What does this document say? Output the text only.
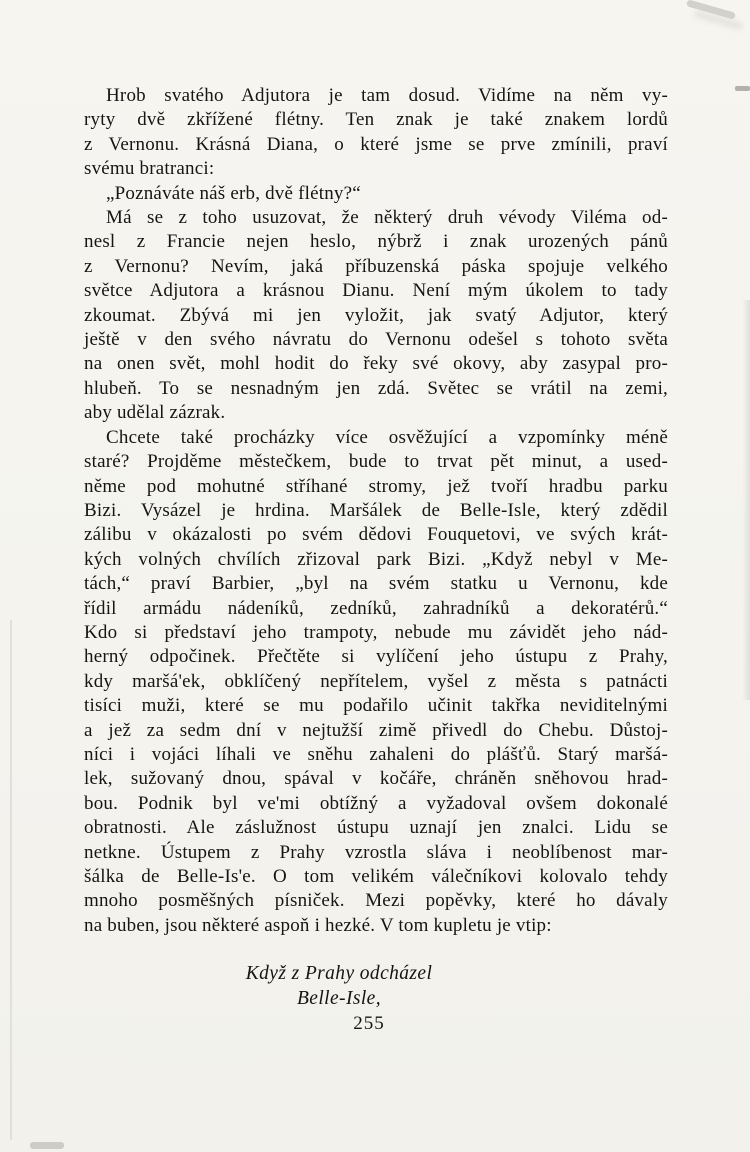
Hrob svatého Adjutora je tam dosud. Vidíme na něm vy-
ryty dvě zkřížené flétny. Ten znak je také znakem lordů
z Vernonu. Krásná Diana, o které jsme se prve zmínili, praví
svému bratranci:
„Poznáváte náš erb, dvě flétny?“
Má se z toho usuzovat, že některý druh vévody Viléma od-
nesl z Francie nejen heslo, nýbrž i znak urozených pánů
z Vernonu? Nevím, jaká příbuzenská páska spojuje velkého
světce Adjutora a krásnou Dianu. Není mým úkolem to tady
zkoumat. Zbývá mi jen vyložit, jak svatý Adjutor, který
ještě v den svého návratu do Vernonu odešel s tohoto světa
na onen svět, mohl hodit do řeky své okovy, aby zasypal pro-
hlubeň. To se nesnadným jen zdá. Světec se vrátil na zemi,
aby udělal zázrak.
Chcete také procházky více osvěžující a vzpomínky méně
staré? Projděme městečkem, bude to trvat pět minut, a used-
něme pod mohutné stříhané stromy, jež tvoří hradbu parku
Bizi. Vysázel je hrdina. Maršálek de Belle-Isle, který zdědil
zálibu v okázalosti po svém dědovi Fouquetovi, ve svých krát-
kých volných chvílích zřizoval park Bizi. „Když nebyl v Me-
tách,“ praví Barbier, „byl na svém statku u Vernonu, kde
řídil armádu nádeníků, zedníků, zahradníků a dekoratérů.“
Kdo si představí jeho trampoty, nebude mu závidět jeho nád-
herný odpočinek. Přečtěte si vylíčení jeho ústupu z Prahy,
kdy maršá'ek, obklíčený nepřítelem, vyšel z města s patnácti
tisíci muži, které se mu podařilo učinit takřka neviditelnými
a jež za sedm dní v nejtužší zimě přivedl do Chebu. Důstoj-
níci i vojáci líhali ve sněhu zahaleni do plášťů. Starý maršá-
lek, sužovaný dnou, spával v kočáře, chráněn sněhovou hrad-
bou. Podnik byl ve'mi obtížný a vyžadoval ovšem dokonalé
obratnosti. Ale záslužnost ústupu uznají jen znalci. Lidu se
netkne. Ústupem z Prahy vzrostla sláva i neoblíbenost mar-
šálka de Belle-Is'e. O tom velikém válečníkovi kolovalo tehdy
mnoho posměšných písniček. Mezi popěvky, které ho dávaly
na buben, jsou některé aspoň i hezké. V tom kupletu je vtip:
Když z Prahy odcházel
Belle-Isle,
255
